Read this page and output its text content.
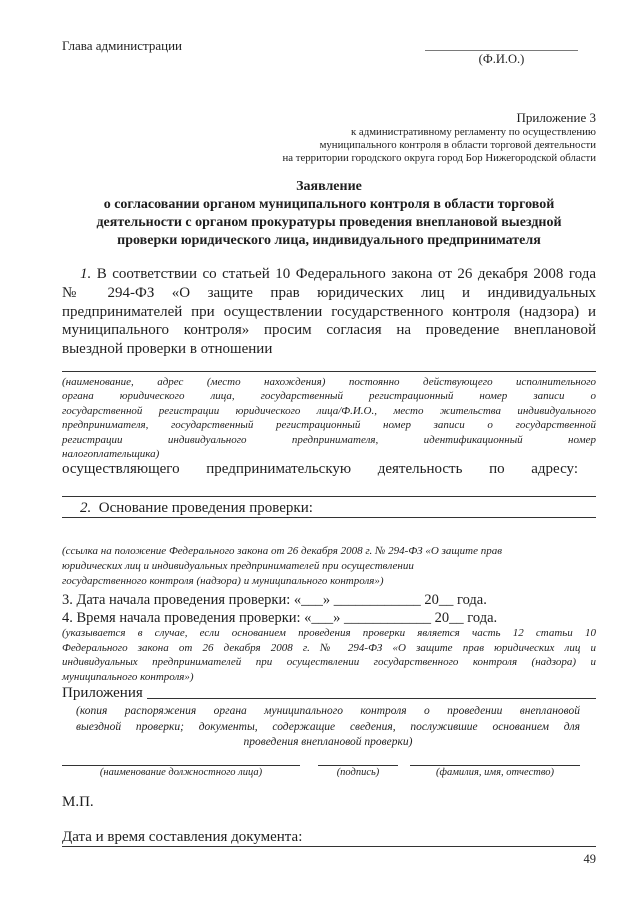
Глава администрации
(Ф.И.О.)
Приложение 3
к административному регламенту по осуществлению
муниципального контроля в области торговой деятельности
на территории городского округа город Бор Нижегородской области
Заявление
о согласовании органом муниципального контроля в области торговой
деятельности с органом прокуратуры проведения внеплановой выездной
проверки юридического лица, индивидуального предпринимателя
1. В соответствии со статьей 10 Федерального закона от 26 декабря 2008 года
№ 294-ФЗ «О защите прав юридических лиц и индивидуальных
предпринимателей при осуществлении государственного контроля (надзора) и
муниципального контроля» просим согласия на проведение внеплановой
выездной проверки в отношении
(наименование, адрес (место нахождения) постоянно действующего исполнительного
органа юридического лица, государственный регистрационный номер записи о
государственной регистрации юридического лица/Ф.И.О., место жительства индивидуального
предпринимателя, государственный регистрационный номер записи о государственной
регистрации индивидуального предпринимателя, идентификационный номер
налогоплательщика)
осуществляющего предпринимательскую деятельность по адресу:
2. Основание проведения проверки:
(ссылка на положение Федерального закона от 26 декабря 2008 г. № 294-ФЗ «О защите прав
юридических лиц и индивидуальных предпринимателей при осуществлении
государственного контроля (надзора) и муниципального контроля»)
3. Дата начала проведения проверки: «___» ____________ 20__ года.
4. Время начала проведения проверки: «___» ____________ 20__ года.
(указывается в случае, если основанием проведения проверки является часть 12 статьи 10
Федерального закона от 26 декабря 2008 г. № 294-ФЗ «О защите прав юридических лиц и
индивидуальных предпринимателей при осуществлении государственного контроля (надзора) и
муниципального контроля»)
Приложения
(копия распоряжения органа муниципального контроля о проведении внеплановой
выездной проверки; документы, содержащие сведения, послужившие основанием для
проведения внеплановой проверки)
(наименование должностного лица)	(подпись)	(фамилия, имя, отчество)
М.П.
Дата и время составления документа:
49
